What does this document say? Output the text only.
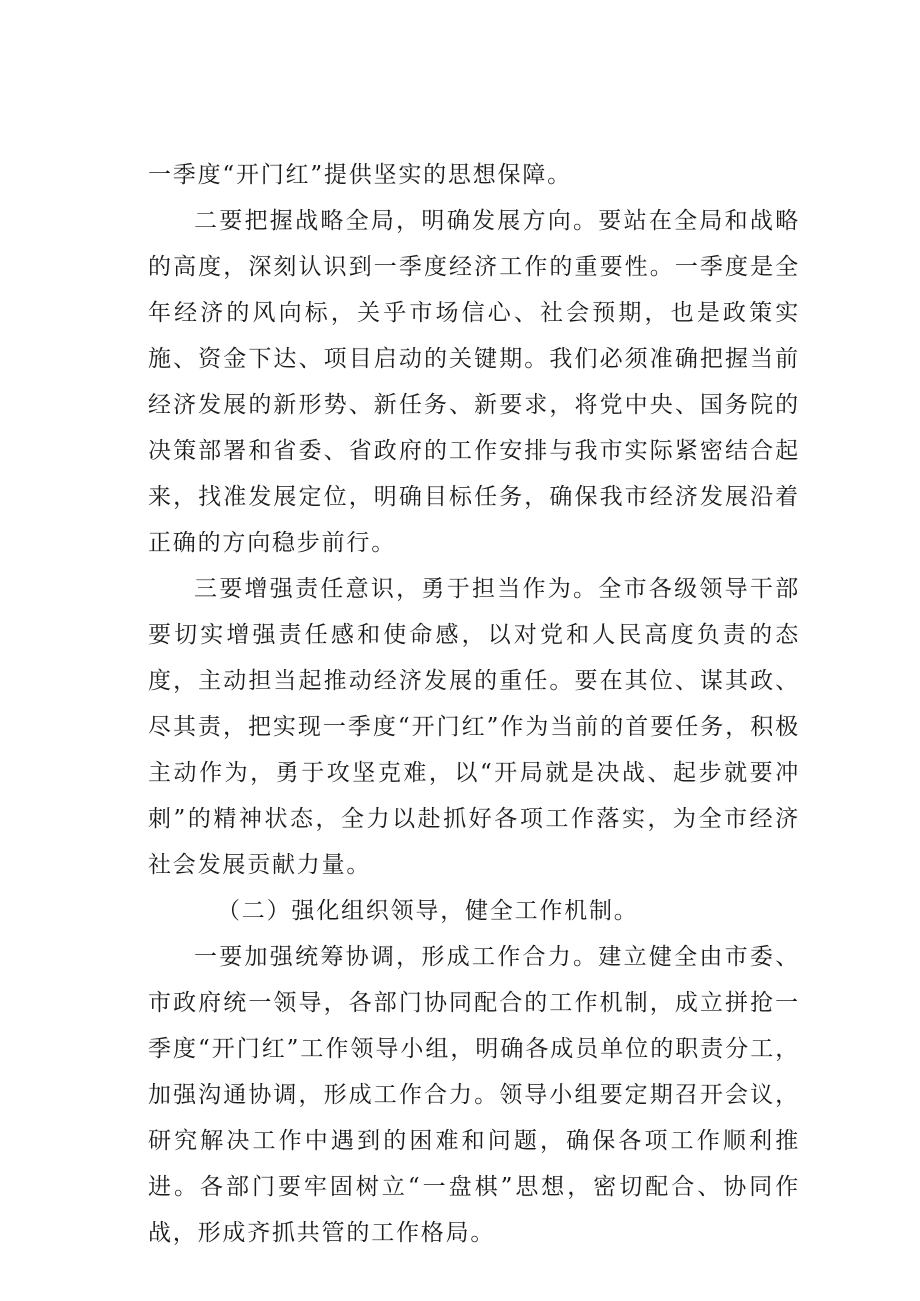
一季度“开门红”提供坚实的思想保障。

二要把握战略全局，明确发展方向。要站在全局和战略的高度，深刻认识到一季度经济工作的重要性。一季度是全年经济的风向标，关乎市场信心、社会预期，也是政策实施、资金下达、项目启动的关键期。我们必须准确把握当前经济发展的新形势、新任务、新要求，将党中央、国务院的决策部署和省委、省政府的工作安排与我市实际紧密结合起来，找准发展定位，明确目标任务，确保我市经济发展沿着正确的方向稳步前行。

三要增强责任意识，勇于担当作为。全市各级领导干部要切实增强责任感和使命感，以对党和人民高度负责的态度，主动担当起推动经济发展的重任。要在其位、谋其政、尽其责，把实现一季度“开门红”作为当前的首要任务，积极主动作为，勇于攻坚克难，以“开局就是决战、起步就要冲刺”的精神状态，全力以赴抓好各项工作落实，为全市经济社会发展贡献力量。

（二）强化组织领导，健全工作机制。

一要加强统筹协调，形成工作合力。建立健全由市委、市政府统一领导，各部门协同配合的工作机制，成立拼抢一季度“开门红”工作领导小组，明确各成员单位的职责分工，加强沟通协调，形成工作合力。领导小组要定期召开会议，研究解决工作中遇到的困难和问题，确保各项工作顺利推进。各部门要牢固树立“一盘棋”思想，密切配合、协同作战，形成齐抓共管的工作格局。
